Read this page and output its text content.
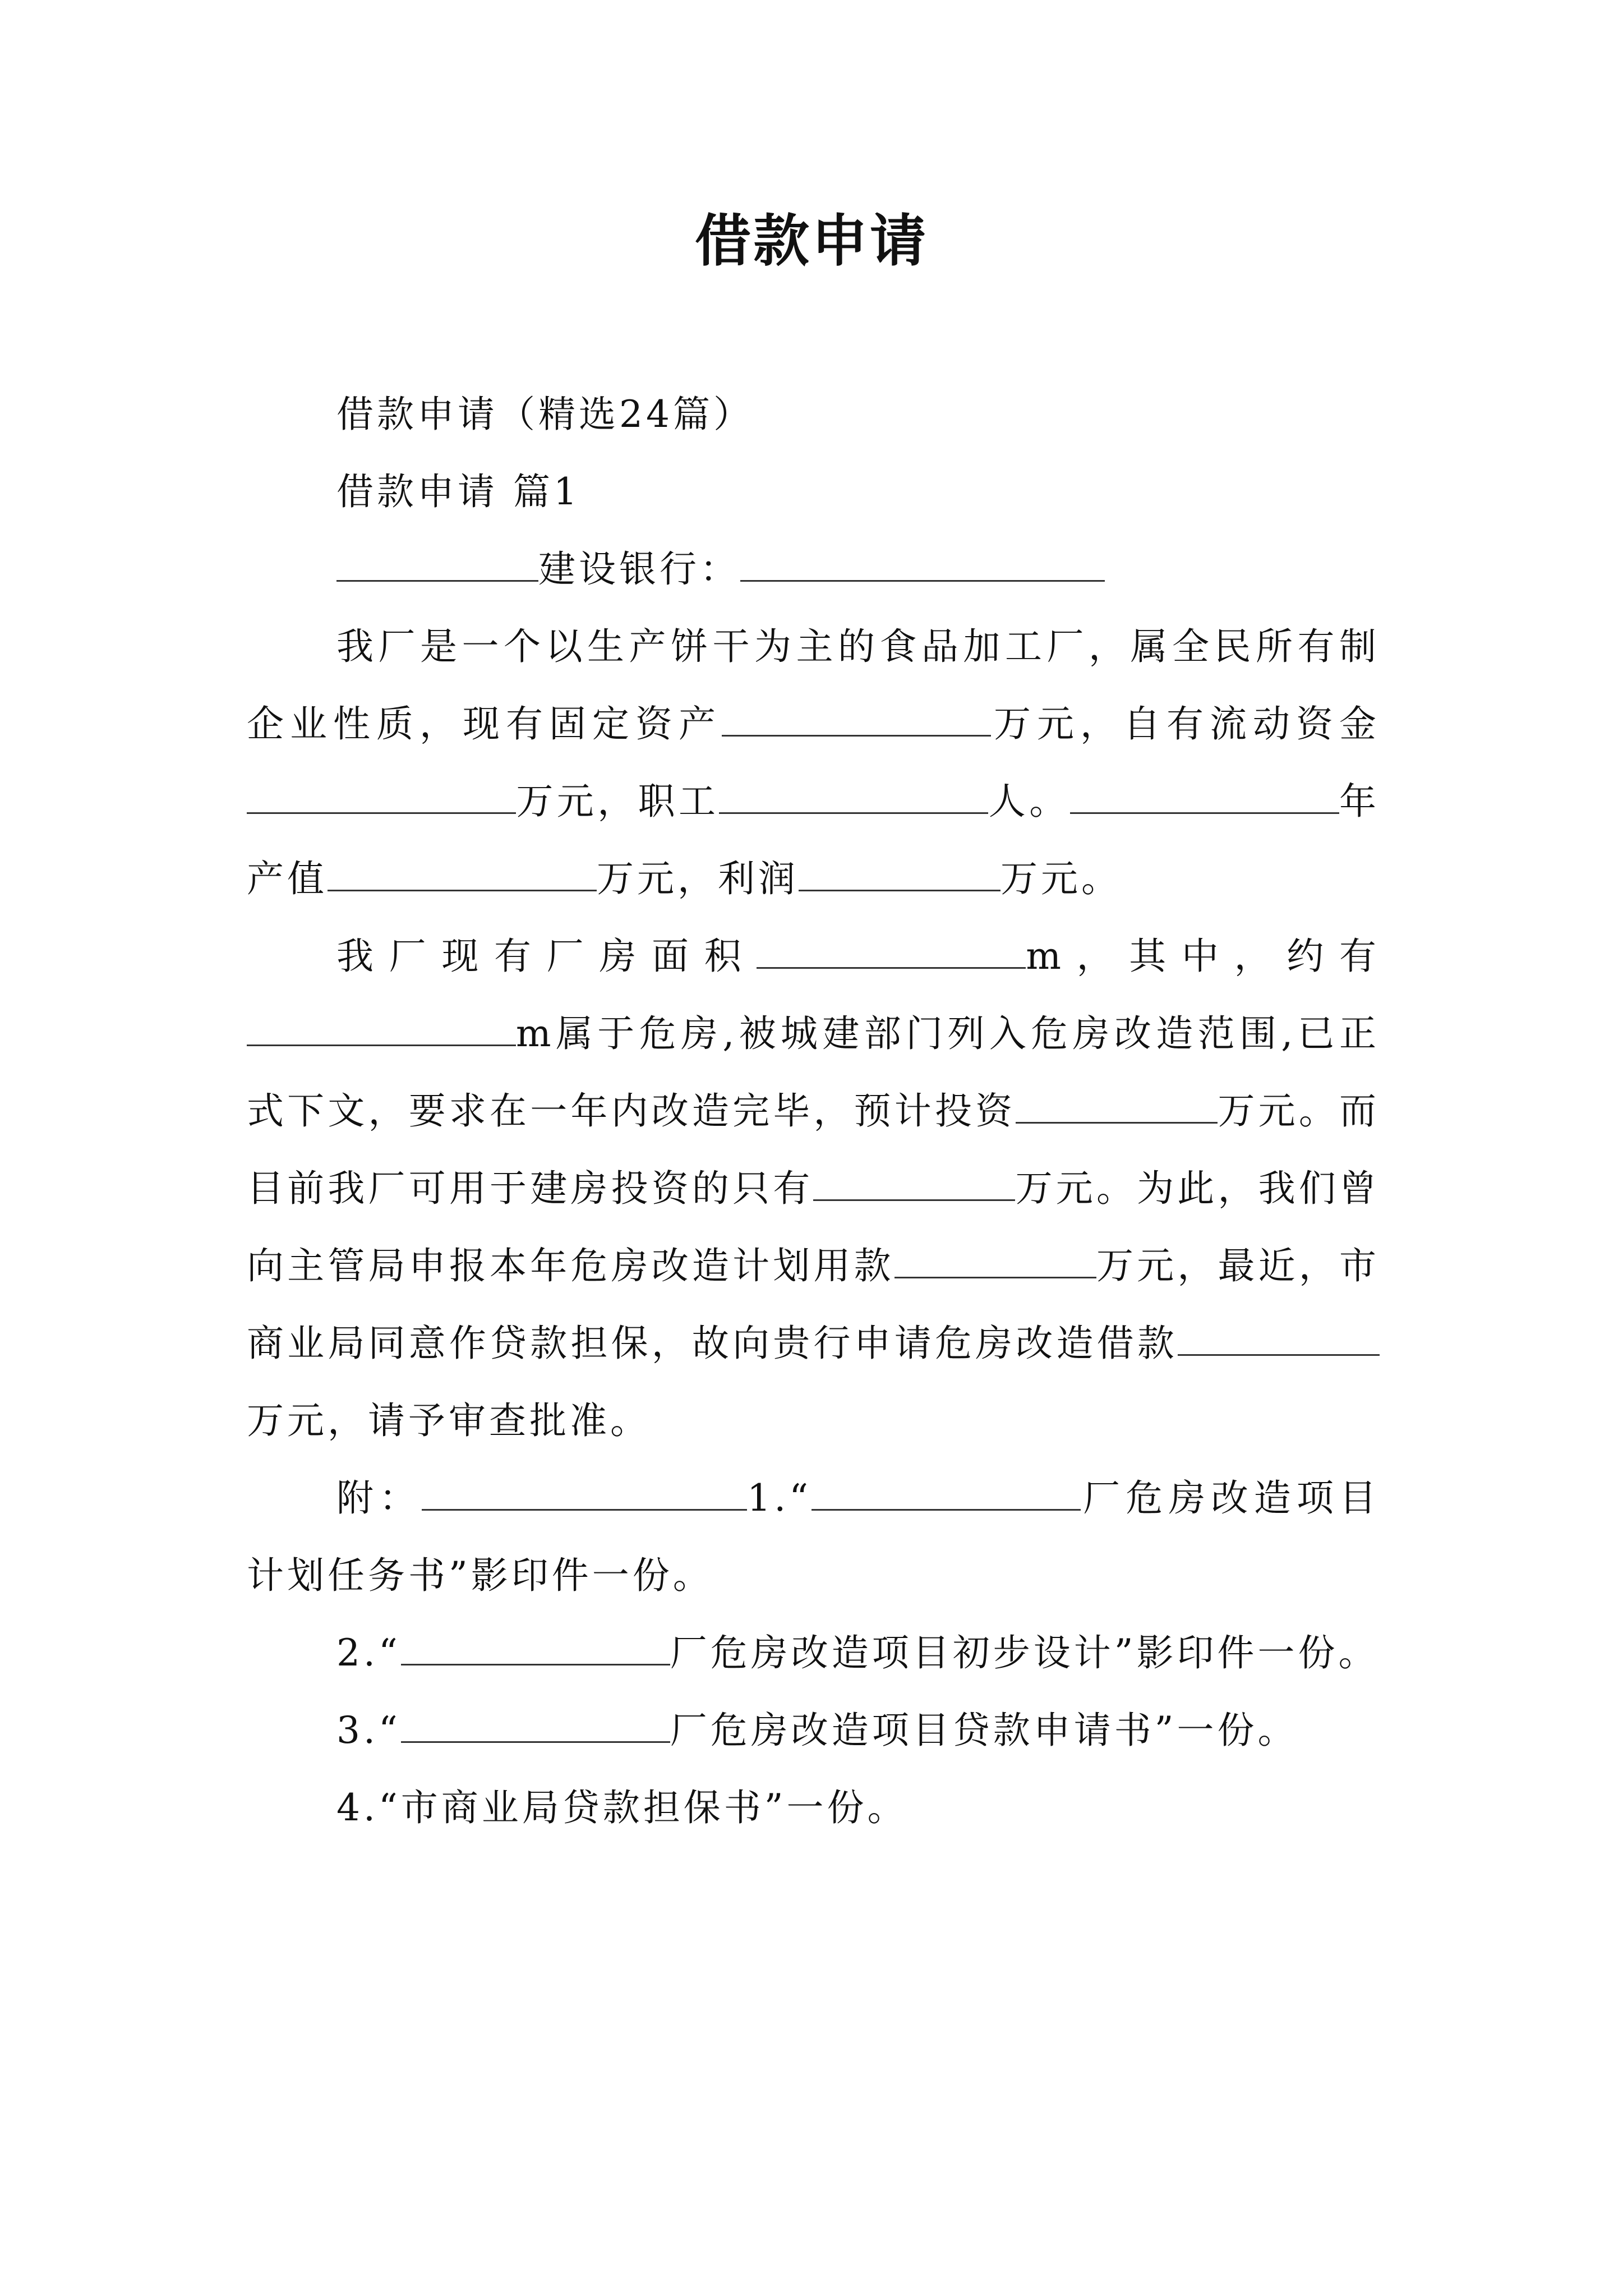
借款申请

借款申请（精选24篇）

借款申请 篇1

建设银行：

我厂是一个以生产饼干为主的食品加工厂，属全民所有制企业性质，现有固定资产	万元，自有流动资金万元，职工	人。	年产值	万元，利润	万元。

我厂现有厂房面积	m，其中，约有m属于危房,被城建部门列入危房改造范围,已正式下文，要求在一年内改造完毕，预计投资	万元。而目前我厂可用于建房投资的只有	万元。为此，我们曾向主管局申报本年危房改造计划用款	万元，最近，市商业局同意作贷款担保，故向贵行申请危房改造借款万元，请予审查批准。

附：	1.“	厂危房改造项目计划任务书”影印件一份。

2.“	厂危房改造项目初步设计”影印件一份。

3.“	厂危房改造项目贷款申请书”一份。

4.“市商业局贷款担保书”一份。
